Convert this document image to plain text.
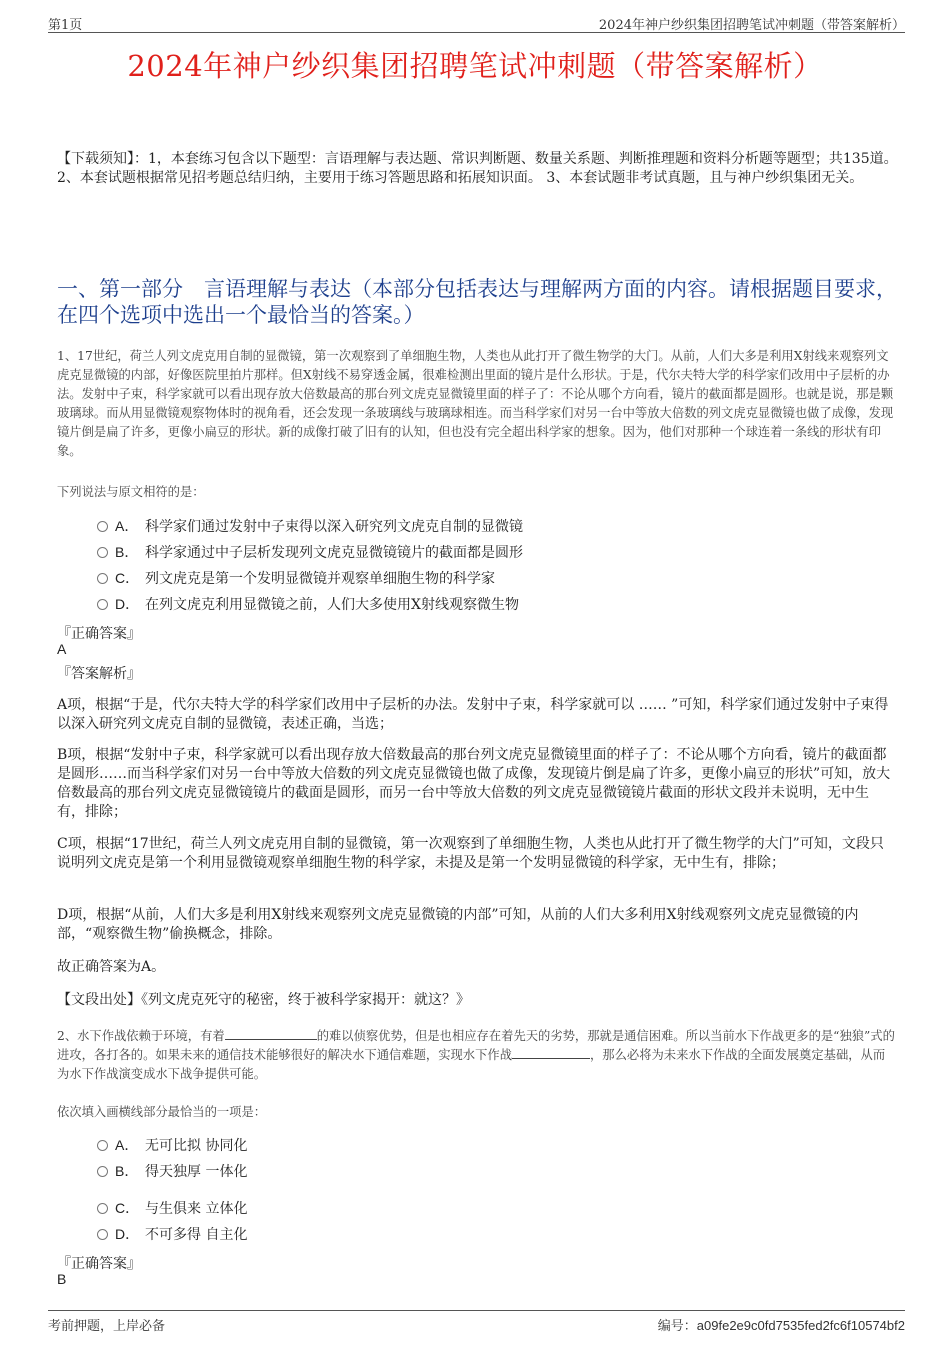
第1页	2024年神户纱织集团招聘笔试冲刺题（带答案解析）
2024年神户纱织集团招聘笔试冲刺题（带答案解析）
【下载须知】：1，本套练习包含以下题型：言语理解与表达题、常识判断题、数量关系题、判断推理题和资料分析题等题型；共135道。 2、本套试题根据常见招考题总结归纳，主要用于练习答题思路和拓展知识面。 3、本套试题非考试真题，且与神户纱织集团无关。
一、第一部分　言语理解与表达（本部分包括表达与理解两方面的内容。请根据题目要求，在四个选项中选出一个最恰当的答案。）
1、17世纪，荷兰人列文虎克用自制的显微镜，第一次观察到了单细胞生物，人类也从此打开了微生物学的大门。从前，人们大多是利用X射线来观察列文虎克显微镜的内部，好像医院里拍片那样。但X射线不易穿透金属，很难检测出里面的镜片是什么形状。于是，代尔夫特大学的科学家们改用中子层析的办法。发射中子束，科学家就可以看出现存放大倍数最高的那台列文虎克显微镜里面的样子了：不论从哪个方向看，镜片的截面都是圆形。也就是说，那是颗玻璃球。而从用显微镜观察物体时的视角看，还会发现一条玻璃线与玻璃球相连。而当科学家们对另一台中等放大倍数的列文虎克显微镜也做了成像，发现镜片倒是扁了许多，更像小扁豆的形状。新的成像打破了旧有的认知，但也没有完全超出科学家的想象。因为，他们对那种一个球连着一条线的形状有印象。
下列说法与原文相符的是：
A． 科学家们通过发射中子束得以深入研究列文虎克自制的显微镜
B． 科学家通过中子层析发现列文虎克显微镜镜片的截面都是圆形
C． 列文虎克是第一个发明显微镜并观察单细胞生物的科学家
D． 在列文虎克利用显微镜之前，人们大多使用X射线观察微生物
『正确答案』
A
『答案解析』
A项，根据“于是，代尔夫特大学的科学家们改用中子层析的办法。发射中子束，科学家就可以 …… ”可知，科学家们通过发射中子束得以深入研究列文虎克自制的显微镜，表述正确，当选；
B项，根据“发射中子束，科学家就可以看出现存放大倍数最高的那台列文虎克显微镜里面的样子了：不论从哪个方向看，镜片的截面都是圆形……而当科学家们对另一台中等放大倍数的列文虎克显微镜也做了成像，发现镜片倒是扁了许多，更像小扁豆的形状”可知，放大倍数最高的那台列文虎克显微镜镜片的截面是圆形，而另一台中等放大倍数的列文虎克显微镜镜片截面的形状文段并未说明，无中生有，排除；
C项，根据“17世纪，荷兰人列文虎克用自制的显微镜，第一次观察到了单细胞生物，人类也从此打开了微生物学的大门”可知，文段只说明列文虎克是第一个利用显微镜观察单细胞生物的科学家，未提及是第一个发明显微镜的科学家，无中生有，排除；
D项，根据“从前，人们大多是利用X射线来观察列文虎克显微镜的内部”可知，从前的人们大多利用X射线观察列文虎克显微镜的内部，“观察微生物”偷换概念，排除。
故正确答案为A。
【文段出处】《列文虎克死守的秘密，终于被科学家揭开：就这？》
2、水下作战依赖于环境，有着	的难以侦察优势，但是也相应存在着先天的劣势，那就是通信困难。所以当前水下作战更多的是“独狼”式的进攻，各打各的。如果未来的通信技术能够很好的解决水下通信难题，实现水下作战	，那么必将为未来水下作战的全面发展奠定基础，从而为水下作战演变成水下战争提供可能。
依次填入画横线部分最恰当的一项是：
A． 无可比拟 协同化
B． 得天独厚 一体化
C． 与生俱来 立体化
D． 不可多得 自主化
『正确答案』
B
考前押题，上岸必备	编号：a09fe2e9c0fd7535fed2fc6f10574bf2
